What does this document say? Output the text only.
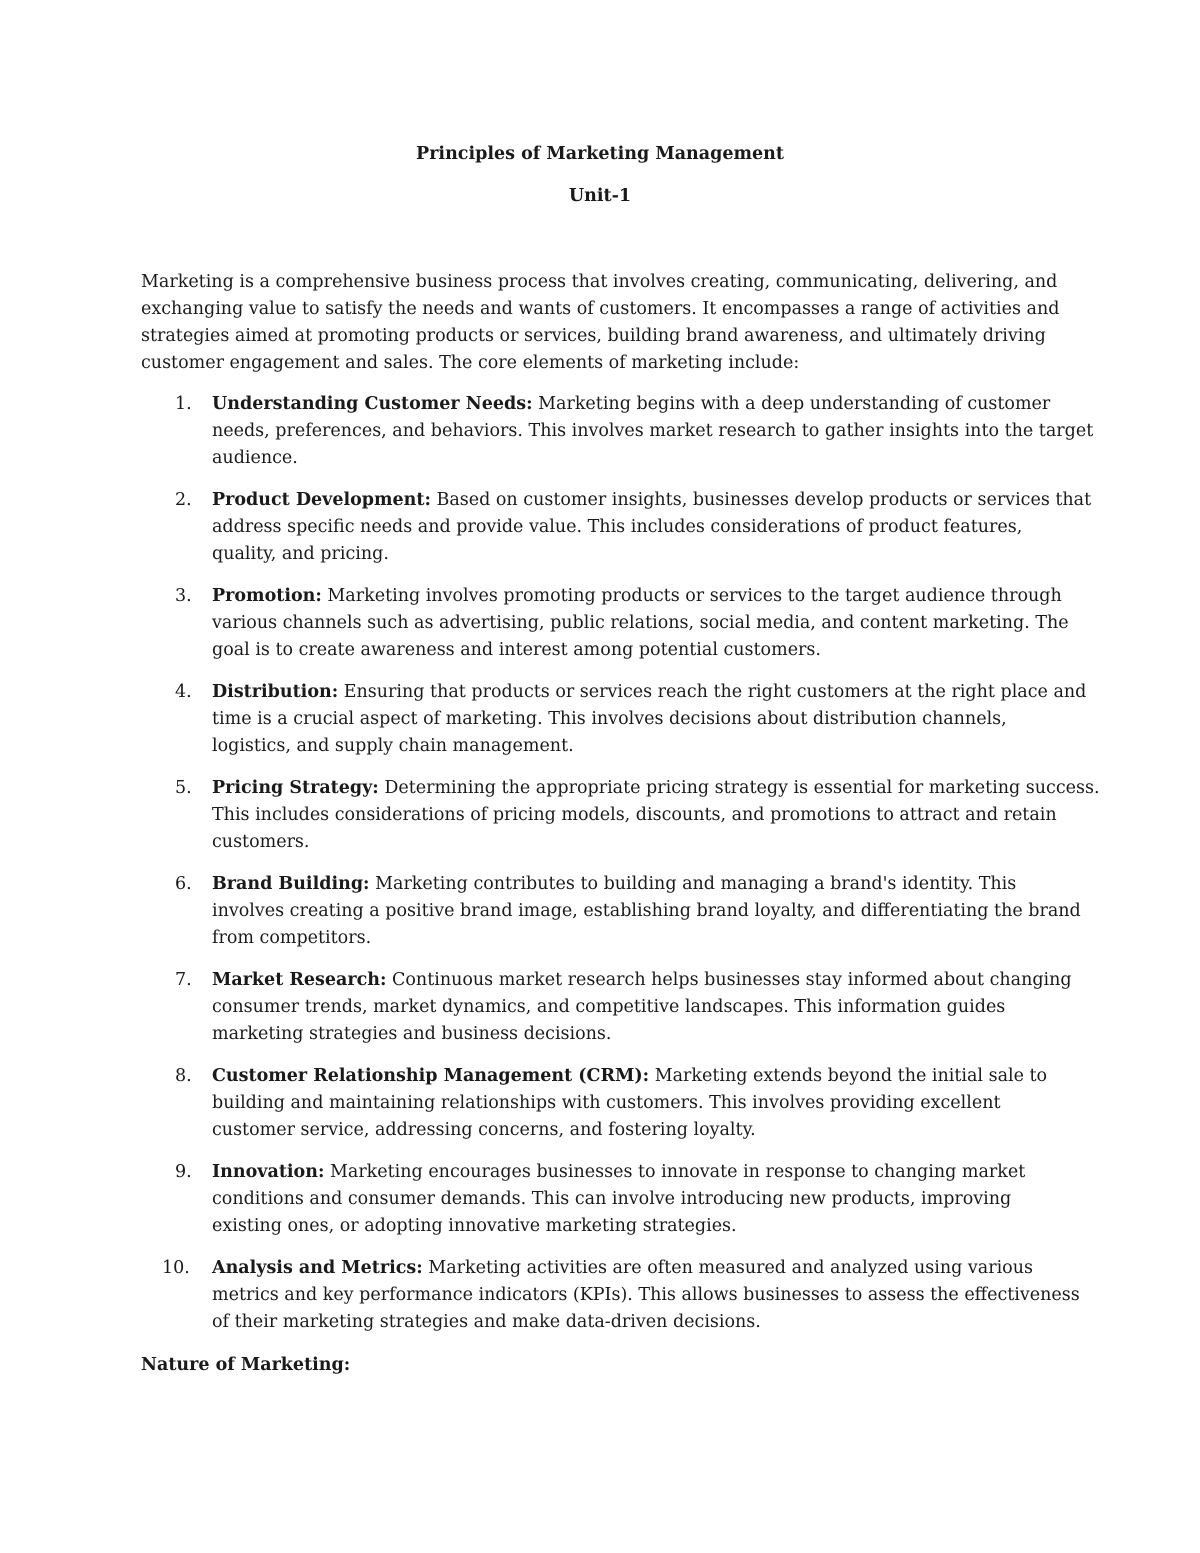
Principles of Marketing Management
Unit-1
Marketing is a comprehensive business process that involves creating, communicating, delivering, and
exchanging value to satisfy the needs and wants of customers. It encompasses a range of activities and
strategies aimed at promoting products or services, building brand awareness, and ultimately driving
customer engagement and sales. The core elements of marketing include:
1. Understanding Customer Needs: Marketing begins with a deep understanding of customer
needs, preferences, and behaviors. This involves market research to gather insights into the target
audience.
2. Product Development: Based on customer insights, businesses develop products or services that
address specific needs and provide value. This includes considerations of product features,
quality, and pricing.
3. Promotion: Marketing involves promoting products or services to the target audience through
various channels such as advertising, public relations, social media, and content marketing. The
goal is to create awareness and interest among potential customers.
4. Distribution: Ensuring that products or services reach the right customers at the right place and
time is a crucial aspect of marketing. This involves decisions about distribution channels,
logistics, and supply chain management.
5. Pricing Strategy: Determining the appropriate pricing strategy is essential for marketing success.
This includes considerations of pricing models, discounts, and promotions to attract and retain
customers.
6. Brand Building: Marketing contributes to building and managing a brand's identity. This
involves creating a positive brand image, establishing brand loyalty, and differentiating the brand
from competitors.
7. Market Research: Continuous market research helps businesses stay informed about changing
consumer trends, market dynamics, and competitive landscapes. This information guides
marketing strategies and business decisions.
8. Customer Relationship Management (CRM): Marketing extends beyond the initial sale to
building and maintaining relationships with customers. This involves providing excellent
customer service, addressing concerns, and fostering loyalty.
9. Innovation: Marketing encourages businesses to innovate in response to changing market
conditions and consumer demands. This can involve introducing new products, improving
existing ones, or adopting innovative marketing strategies.
10. Analysis and Metrics: Marketing activities are often measured and analyzed using various
metrics and key performance indicators (KPIs). This allows businesses to assess the effectiveness
of their marketing strategies and make data-driven decisions.
Nature of Marketing:
